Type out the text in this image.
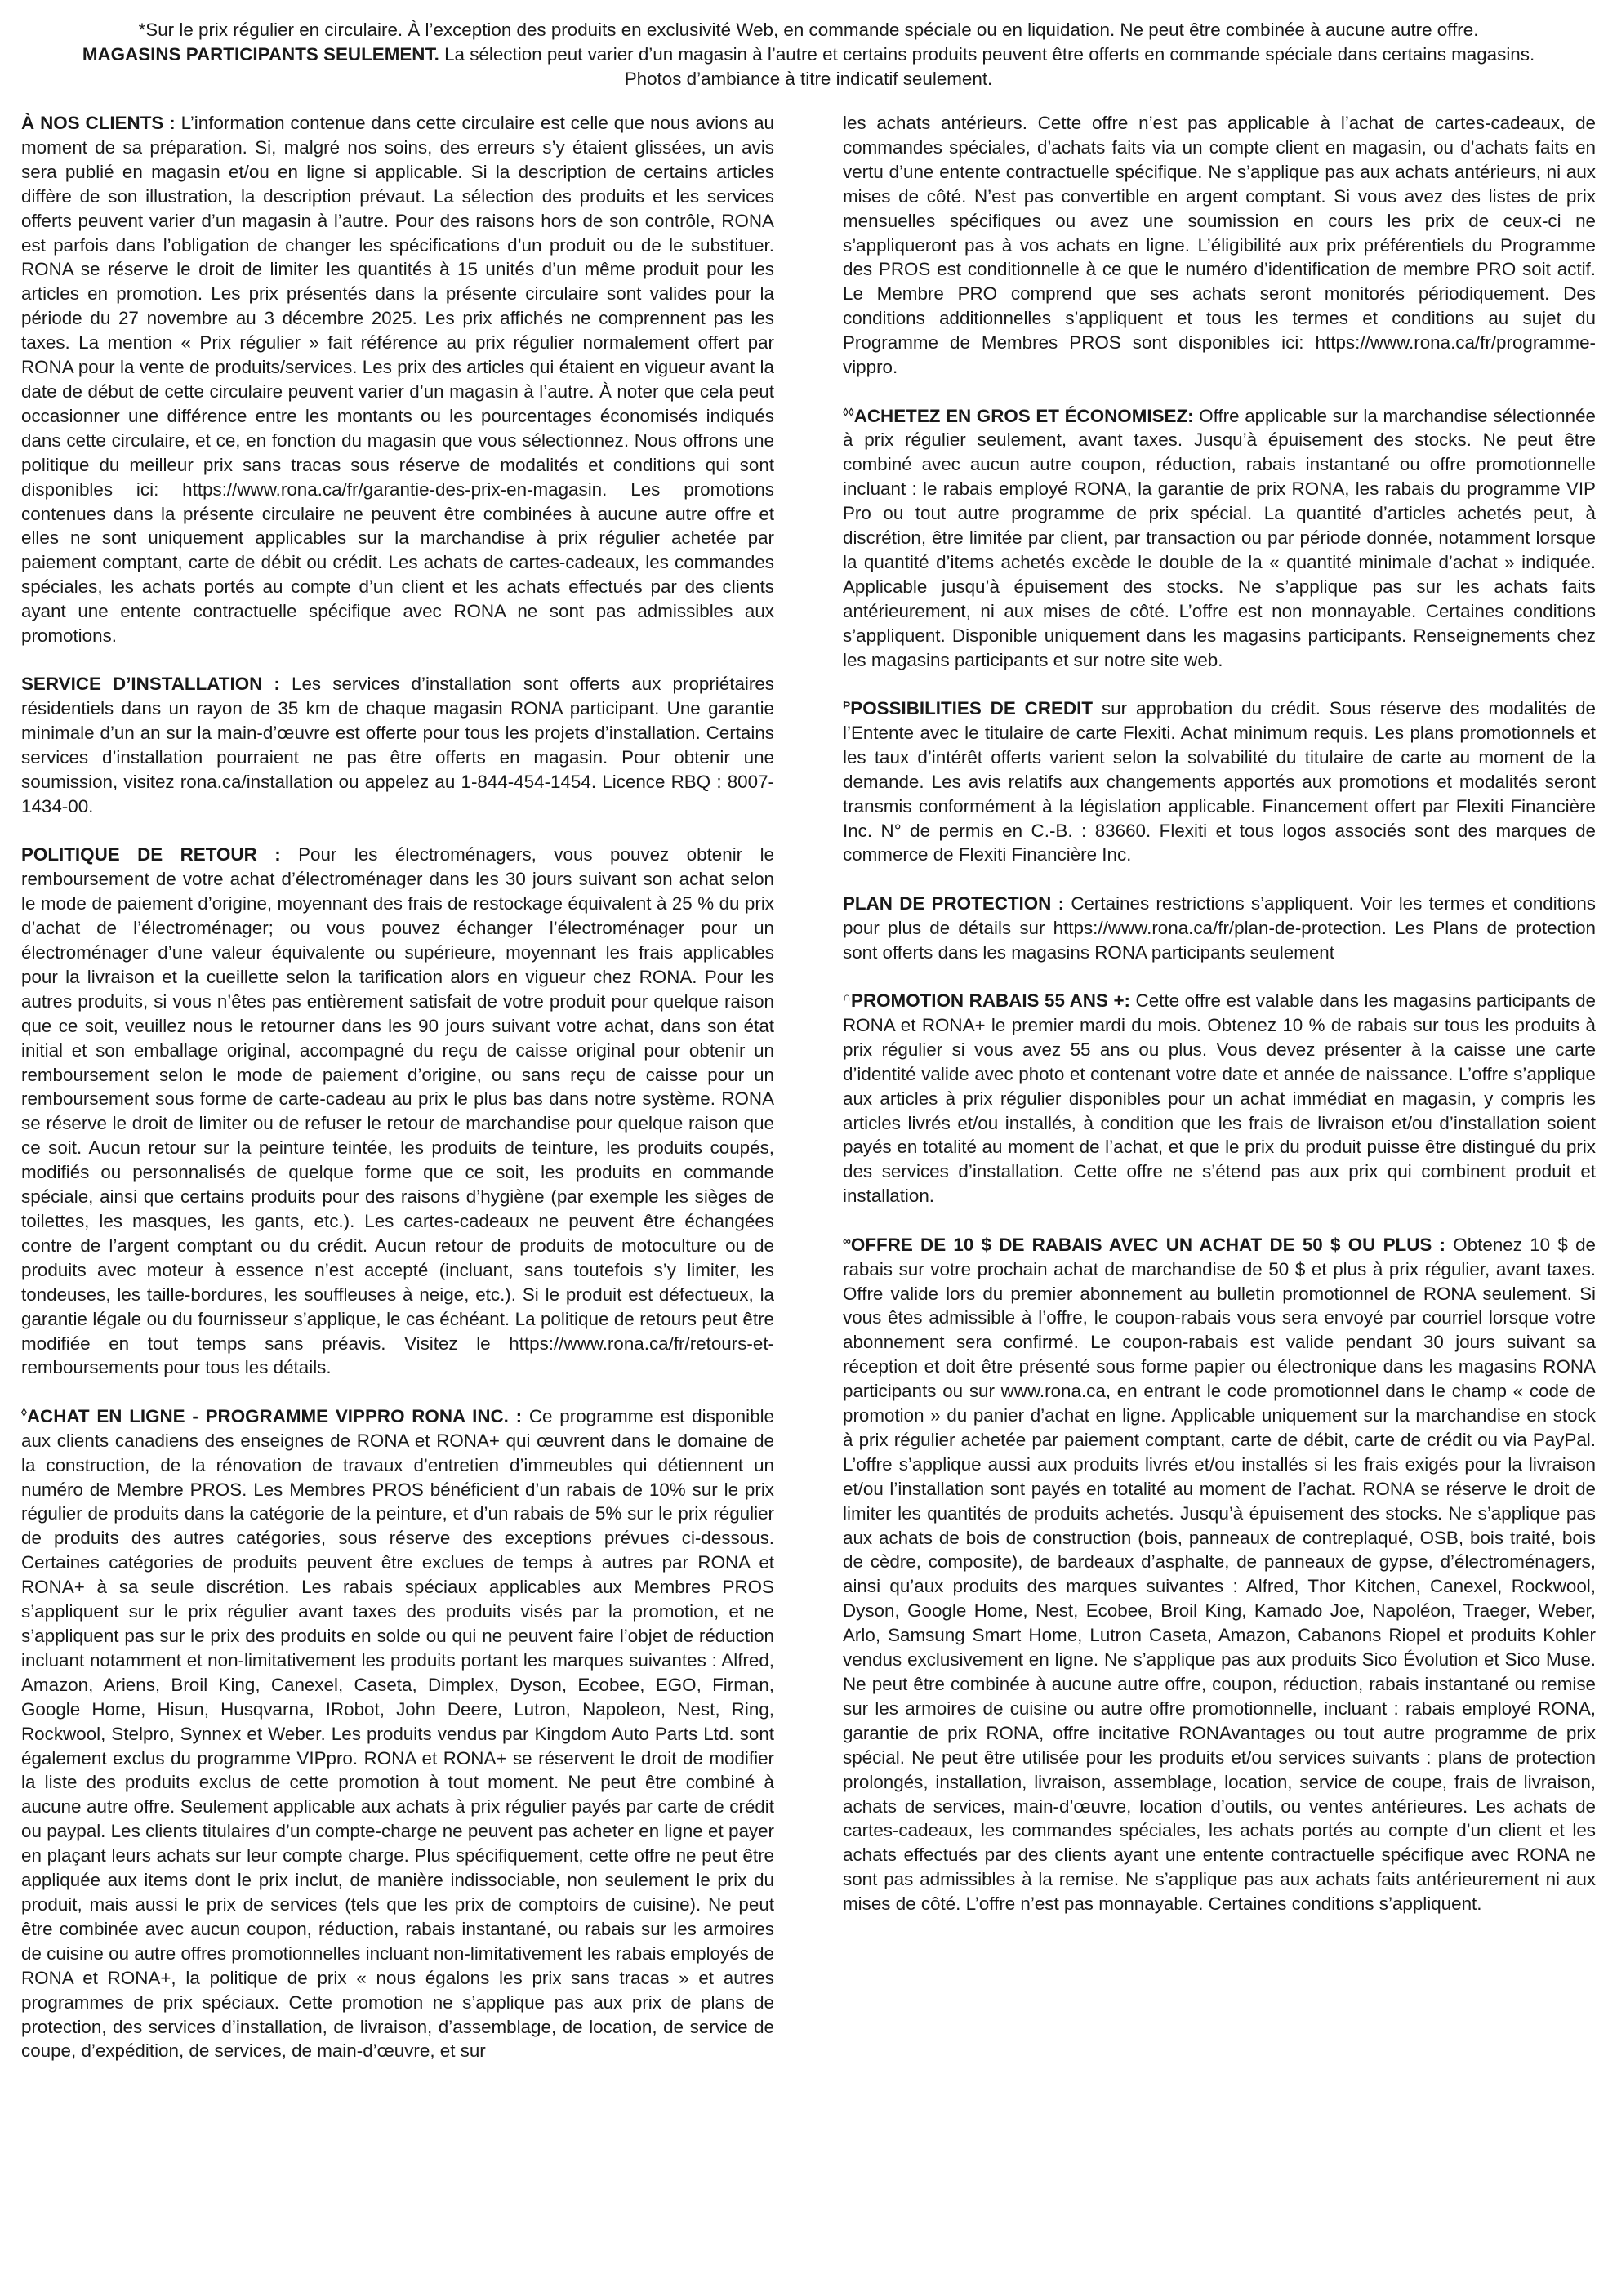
*Sur le prix régulier en circulaire. À l’exception des produits en exclusivité Web, en commande spéciale ou en liquidation. Ne peut être combinée à aucune autre offre.

MAGASINS PARTICIPANTS SEULEMENT. La sélection peut varier d’un magasin à l’autre et certains produits peuvent être offerts en commande spéciale dans certains magasins.

Photos d’ambiance à titre indicatif seulement.

À NOS CLIENTS : L’information contenue dans cette circulaire est celle que nous avions au moment de sa préparation. Si, malgré nos soins, des erreurs s’y étaient glissées, un avis sera publié en magasin et/ou en ligne si applicable. Si la description de certains articles diffère de son illustration, la description prévaut. La sélection des produits et les services offerts peuvent varier d’un magasin à l’autre. Pour des raisons hors de son contrôle, RONA est parfois dans l’obligation de changer les spécifications d’un produit ou de le substituer. RONA se réserve le droit de limiter les quantités à 15 unités d’un même produit pour les articles en promotion. Les prix présentés dans la présente circulaire sont valides pour la période du 27 novembre au 3 décembre 2025. Les prix affichés ne comprennent pas les taxes. La mention « Prix régulier » fait référence au prix régulier normalement offert par RONA pour la vente de produits/services. Les prix des articles qui étaient en vigueur avant la date de début de cette circulaire peuvent varier d’un magasin à l’autre. À noter que cela peut occasionner une différence entre les montants ou les pourcentages économisés indiqués dans cette circulaire, et ce, en fonction du magasin que vous sélectionnez. Nous offrons une politique du meilleur prix sans tracas sous réserve de modalités et conditions qui sont disponibles ici: https://www.rona.ca/fr/garantie-des-prix-en-magasin. Les promotions contenues dans la présente circulaire ne peuvent être combinées à aucune autre offre et elles ne sont uniquement applicables sur la marchandise à prix régulier achetée par paiement comptant, carte de débit ou crédit. Les achats de cartes-cadeaux, les commandes spéciales, les achats portés au compte d’un client et les achats effectués par des clients ayant une entente contractuelle spécifique avec RONA ne sont pas admissibles aux promotions.

SERVICE D’INSTALLATION : Les services d’installation sont offerts aux propriétaires résidentiels dans un rayon de 35 km de chaque magasin RONA participant. Une garantie minimale d’un an sur la main-d’œuvre est offerte pour tous les projets d’installation. Certains services d’installation pourraient ne pas être offerts en magasin. Pour obtenir une soumission, visitez rona.ca/installation ou appelez au 1-844-454-1454. Licence RBQ : 8007-1434-00.

POLITIQUE DE RETOUR : Pour les électroménagers, vous pouvez obtenir le remboursement de votre achat d’électroménager dans les 30 jours suivant son achat selon le mode de paiement d’origine, moyennant des frais de restockage équivalent à 25 % du prix d’achat de l’électroménager; ou vous pouvez échanger l’électroménager pour un électroménager d’une valeur équivalente ou supérieure, moyennant les frais applicables pour la livraison et la cueillette selon la tarification alors en vigueur chez RONA. Pour les autres produits, si vous n’êtes pas entièrement satisfait de votre produit pour quelque raison que ce soit, veuillez nous le retourner dans les 90 jours suivant votre achat, dans son état initial et son emballage original, accompagné du reçu de caisse original pour obtenir un remboursement selon le mode de paiement d’origine, ou sans reçu de caisse pour un remboursement sous forme de carte-cadeau au prix le plus bas dans notre système. RONA se réserve le droit de limiter ou de refuser le retour de marchandise pour quelque raison que ce soit. Aucun retour sur la peinture teintée, les produits de teinture, les produits coupés, modifiés ou personnalisés de quelque forme que ce soit, les produits en commande spéciale, ainsi que certains produits pour des raisons d’hygiène (par exemple les sièges de toilettes, les masques, les gants, etc.). Les cartes-cadeaux ne peuvent être échangées contre de l’argent comptant ou du crédit. Aucun retour de produits de motoculture ou de produits avec moteur à essence n’est accepté (incluant, sans toutefois s’y limiter, les tondeuses, les taille-bordures, les souffleuses à neige, etc.). Si le produit est défectueux, la garantie légale ou du fournisseur s’applique, le cas échéant. La politique de retours peut être modifiée en tout temps sans préavis. Visitez le https://www.rona.ca/fr/retours-et-remboursements pour tous les détails.

◊ACHAT EN LIGNE - PROGRAMME VIPPRO RONA INC. : Ce programme est disponible aux clients canadiens des enseignes de RONA et RONA+ qui œuvrent dans le domaine de la construction, de la rénovation de travaux d’entretien d’immeubles qui détiennent un numéro de Membre PROS. Les Membres PROS bénéficient d’un rabais de 10% sur le prix régulier de produits dans la catégorie de la peinture, et d’un rabais de 5% sur le prix régulier de produits des autres catégories, sous réserve des exceptions prévues ci-dessous. Certaines catégories de produits peuvent être exclues de temps à autres par RONA et RONA+ à sa seule discrétion. Les rabais spéciaux applicables aux Membres PROS s’appliquent sur le prix régulier avant taxes des produits visés par la promotion, et ne s’appliquent pas sur le prix des produits en solde ou qui ne peuvent faire l’objet de réduction incluant notamment et non-limitativement les produits portant les marques suivantes : Alfred, Amazon, Ariens, Broil King, Canexel, Caseta, Dimplex, Dyson, Ecobee, EGO, Firman, Google Home, Hisun, Husqvarna, IRobot, John Deere, Lutron, Napoleon, Nest, Ring, Rockwool, Stelpro, Synnex et Weber. Les produits vendus par Kingdom Auto Parts Ltd. sont également exclus du programme VIPpro. RONA et RONA+ se réservent le droit de modifier la liste des produits exclus de cette promotion à tout moment. Ne peut être combiné à aucune autre offre. Seulement applicable aux achats à prix régulier payés par carte de crédit ou paypal. Les clients titulaires d’un compte-charge ne peuvent pas acheter en ligne et payer en plaçant leurs achats sur leur compte charge. Plus spécifiquement, cette offre ne peut être appliquée aux items dont le prix inclut, de manière indissociable, non seulement le prix du produit, mais aussi le prix de services (tels que les prix de comptoirs de cuisine). Ne peut être combinée avec aucun coupon, réduction, rabais instantané, ou rabais sur les armoires de cuisine ou autre offres promotionnelles incluant non-limitativement les rabais employés de RONA et RONA+, la politique de prix « nous égalons les prix sans tracas » et autres programmes de prix spéciaux. Cette promotion ne s’applique pas aux prix de plans de protection, des services d’installation, de livraison, d’assemblage, de location, de service de coupe, d’expédition, de services, de main-d’œuvre, et sur

les achats antérieurs. Cette offre n’est pas applicable à l’achat de cartes-cadeaux, de commandes spéciales, d’achats faits via un compte client en magasin, ou d’achats faits en vertu d’une entente contractuelle spécifique. Ne s’applique pas aux achats antérieurs, ni aux mises de côté. N’est pas convertible en argent comptant. Si vous avez des listes de prix mensuelles spécifiques ou avez une soumission en cours les prix de ceux-ci ne s’appliqueront pas à vos achats en ligne. L’éligibilité aux prix préférentiels du Programme des PROS est conditionnelle à ce que le numéro d’identification de membre PRO soit actif. Le Membre PRO comprend que ses achats seront monitorés périodiquement. Des conditions additionnelles s’appliquent et tous les termes et conditions au sujet du Programme de Membres PROS sont disponibles ici: https://www.rona.ca/fr/programme-vippro.

◊◊ACHETEZ EN GROS ET ÉCONOMISEZ: Offre applicable sur la marchandise sélectionnée à prix régulier seulement, avant taxes. Jusqu’à épuisement des stocks. Ne peut être combiné avec aucun autre coupon, réduction, rabais instantané ou offre promotionnelle incluant : le rabais employé RONA, la garantie de prix RONA, les rabais du programme VIP Pro ou tout autre programme de prix spécial. La quantité d’articles achetés peut, à discrétion, être limitée par client, par transaction ou par période donnée, notamment lorsque la quantité d’items achetés excède le double de la « quantité minimale d’achat » indiquée. Applicable jusqu’à épuisement des stocks. Ne s’applique pas sur les achats faits antérieurement, ni aux mises de côté. L’offre est non monnayable. Certaines conditions s’appliquent. Disponible uniquement dans les magasins participants. Renseignements chez les magasins participants et sur notre site web.

$^Þ$POSSIBILITIES DE CREDIT sur approbation du crédit. Sous réserve des modalités de l’Entente avec le titulaire de carte Flexiti. Achat minimum requis. Les plans promotionnels et les taux d’intérêt offerts varient selon la solvabilité du titulaire de carte au moment de la demande. Les avis relatifs aux changements apportés aux promotions et modalités seront transmis conformément à la législation applicable. Financement offert par Flexiti Financière Inc. N° de permis en C.-B. : 83660. Flexiti et tous logos associés sont des marques de commerce de Flexiti Financière Inc.

PLAN DE PROTECTION : Certaines restrictions s’appliquent. Voir les termes et conditions pour plus de détails sur https://www.rona.ca/fr/plan-de-protection. Les Plans de protection sont offerts dans les magasins RONA participants seulement

∩PROMOTION RABAIS 55 ANS +: Cette offre est valable dans les magasins participants de RONA et RONA+ le premier mardi du mois. Obtenez 10 % de rabais sur tous les produits à prix régulier si vous avez 55 ans ou plus. Vous devez présenter à la caisse une carte d’identité valide avec photo et contenant votre date et année de naissance. L’offre s’applique aux articles à prix régulier disponibles pour un achat immédiat en magasin, y compris les articles livrés et/ou installés, à condition que les frais de livraison et/ou d’installation soient payés en totalité au moment de l’achat, et que le prix du produit puisse être distingué du prix des services d’installation. Cette offre ne s’étend pas aux prix qui combinent produit et installation.

∞OFFRE DE 10 $ DE RABAIS AVEC UN ACHAT DE 50 $ OU PLUS : Obtenez 10 $ de rabais sur votre prochain achat de marchandise de 50 $ et plus à prix régulier, avant taxes. Offre valide lors du premier abonnement au bulletin promotionnel de RONA seulement. Si vous êtes admissible à l’offre, le coupon-rabais vous sera envoyé par courriel lorsque votre abonnement sera confirmé. Le coupon-rabais est valide pendant 30 jours suivant sa réception et doit être présenté sous forme papier ou électronique dans les magasins RONA participants ou sur www.rona.ca, en entrant le code promotionnel dans le champ « code de promotion » du panier d’achat en ligne. Applicable uniquement sur la marchandise en stock à prix régulier achetée par paiement comptant, carte de débit, carte de crédit ou via PayPal. L’offre s’applique aussi aux produits livrés et/ou installés si les frais exigés pour la livraison et/ou l’installation sont payés en totalité au moment de l’achat. RONA se réserve le droit de limiter les quantités de produits achetés. Jusqu’à épuisement des stocks. Ne s’applique pas aux achats de bois de construction (bois, panneaux de contreplaqué, OSB, bois traité, bois de cèdre, composite), de bardeaux d’asphalte, de panneaux de gypse, d’électroménagers, ainsi qu’aux produits des marques suivantes : Alfred, Thor Kitchen, Canexel, Rockwool, Dyson, Google Home, Nest, Ecobee, Broil King, Kamado Joe, Napoléon, Traeger, Weber, Arlo, Samsung Smart Home, Lutron Caseta, Amazon, Cabanons Riopel et produits Kohler vendus exclusivement en ligne. Ne s’applique pas aux produits Sico Évolution et Sico Muse. Ne peut être combinée à aucune autre offre, coupon, réduction, rabais instantané ou remise sur les armoires de cuisine ou autre offre promotionnelle, incluant : rabais employé RONA, garantie de prix RONA, offre incitative RONAvantages ou tout autre programme de prix spécial. Ne peut être utilisée pour les produits et/ou services suivants : plans de protection prolongés, installation, livraison, assemblage, location, service de coupe, frais de livraison, achats de services, main-d’œuvre, location d’outils, ou ventes antérieures. Les achats de cartes-cadeaux, les commandes spéciales, les achats portés au compte d’un client et les achats effectués par des clients ayant une entente contractuelle spécifique avec RONA ne sont pas admissibles à la remise. Ne s’applique pas aux achats faits antérieurement ni aux mises de côté. L’offre n’est pas monnayable. Certaines conditions s’appliquent.
